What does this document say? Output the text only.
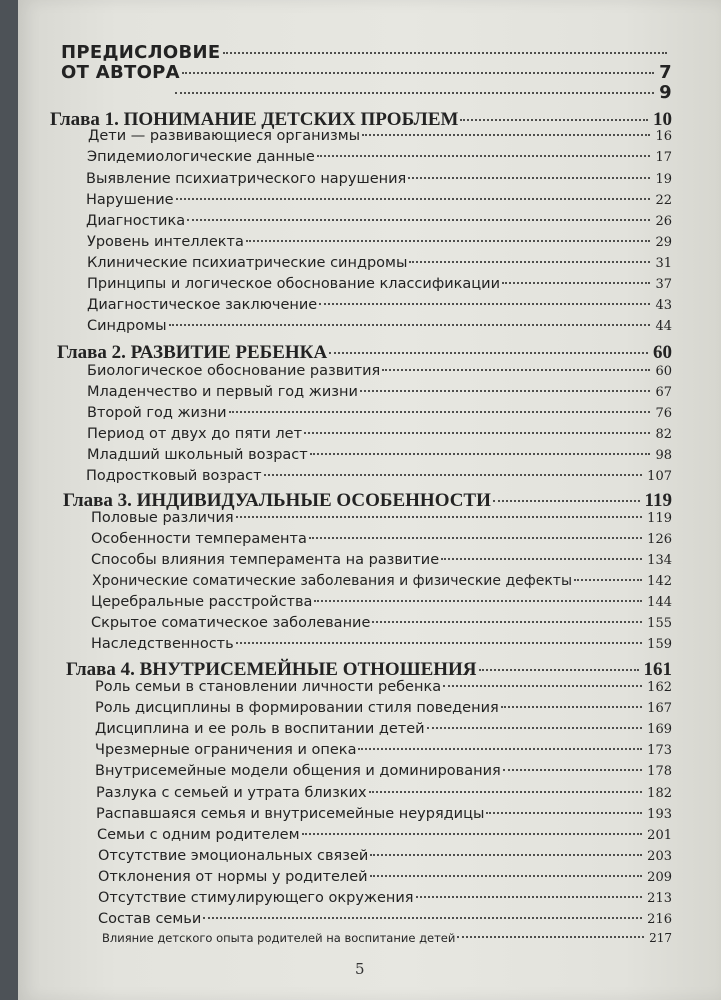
ПРЕДИСЛОВИЕ
ОТ АВТОРА	7
9
Глава 1. ПОНИМАНИЕ ДЕТСКИХ ПРОБЛЕМ	10
Дети — развивающиеся организмы	16
Эпидемиологические данные	17
Выявление психиатрического нарушения	19
Нарушение	22
Диагностика	26
Уровень интеллекта	29
Клинические психиатрические синдромы	31
Принципы и логическое обоснование классификации	37
Диагностическое заключение	43
Синдромы	44
Глава 2. РАЗВИТИЕ РЕБЕНКА	60
Биологическое обоснование развития	60
Младенчество и первый год жизни	67
Второй год жизни	76
Период от двух до пяти лет	82
Младший школьный возраст	98
Подростковый возраст	107
Глава 3. ИНДИВИДУАЛЬНЫЕ ОСОБЕННОСТИ	119
Половые различия	119
Особенности темперамента	126
Способы влияния темперамента на развитие	134
Хронические соматические заболевания и физические дефекты	142
Церебральные расстройства	144
Скрытое соматическое заболевание	155
Наследственность	159
Глава 4. ВНУТРИСЕМЕЙНЫЕ ОТНОШЕНИЯ	161
Роль семьи в становлении личности ребенка	162
Роль дисциплины в формировании стиля поведения	167
Дисциплина и ее роль в воспитании детей	169
Чрезмерные ограничения и опека	173
Внутрисемейные модели общения и доминирования	178
Разлука с семьей и утрата близких	182
Распавшаяся семья и внутрисемейные неурядицы	193
Семьи с одним родителем	201
Отсутствие эмоциональных связей	203
Отклонения от нормы у родителей	209
Отсутствие стимулирующего окружения	213
Состав семьи	216
Влияние детского опыта родителей на воспитание детей	217
5
